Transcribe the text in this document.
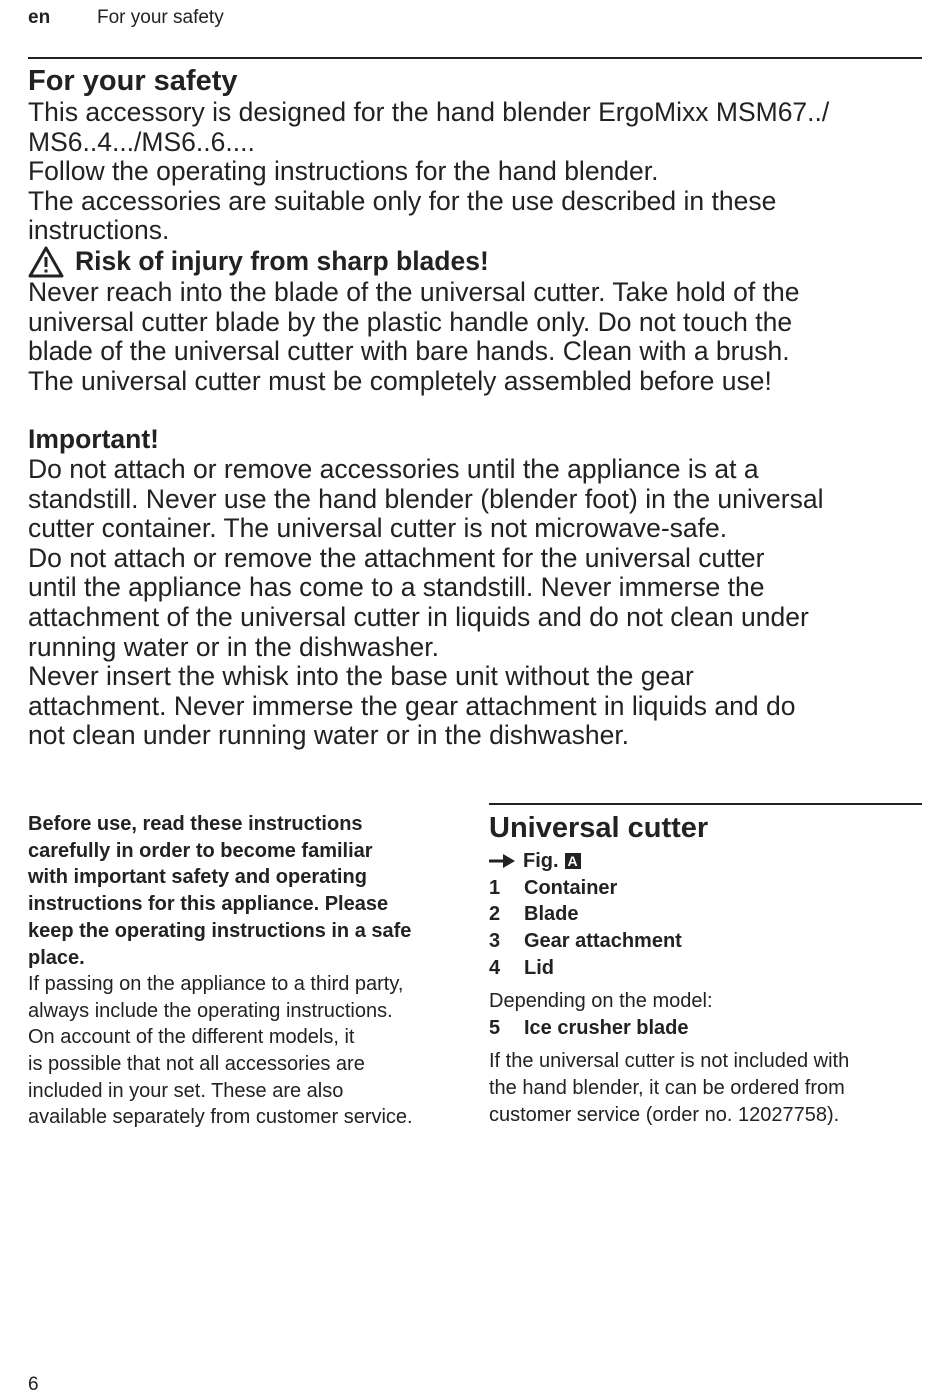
en For your safety
For your safety

This accessory is designed for the hand blender ErgoMixx MSM67../

MS6..4.../MS6..6....

Follow the operating instructions for the hand blender.

The accessories are suitable only for the use described in these

instructions.

Risk of injury from sharp blades!

Never reach into the blade of the universal cutter. Take hold of the

universal cutter blade by the plastic handle only. Do not touch the

blade of the universal cutter with bare hands. Clean with a brush.

The universal cutter must be completely assembled before use!

Important!

Do not attach or remove accessories until the appliance is at a

standstill. Never use the hand blender (blender foot) in the universal

cutter container. The universal cutter is not microwave-safe.

Do not attach or remove the attachment for the universal cutter

until the appliance has come to a standstill. Never immerse the

attachment of the universal cutter in liquids and do not clean under

running water or in the dishwasher.

Never insert the whisk into the base unit without the gear

attachment. Never immerse the gear attachment in liquids and do

not clean under running water or in the dishwasher.

Before use, read these instructions

carefully in order to become familiar

with important safety and operating

instructions for this appliance. Please

keep the operating instructions in a safe

place.

If passing on the appliance to a third party,

always include the operating instructions.

On account of the different models, it

is possible that not all accessories are

included in your set. These are also

available separately from customer service.

Universal cutter
Fig. A
1	Container
2	Blade
3	Gear attachment
4	Lid

Depending on the model:

5	Ice crusher blade
If the universal cutter is not included with
the hand blender, it can be ordered from
customer service (order no. 12027758).
6
